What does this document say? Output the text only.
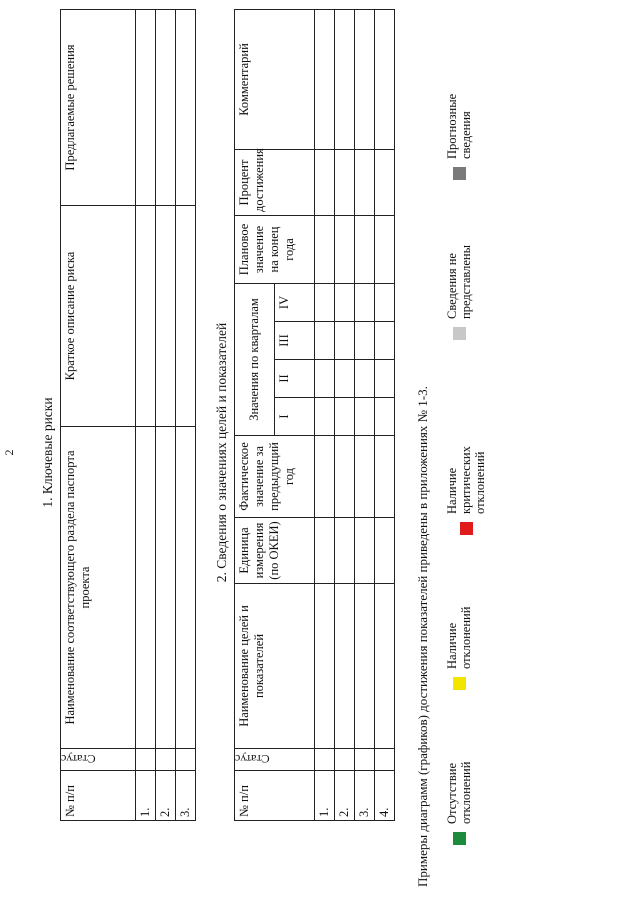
2 1. Ключевые риски
№ п/п	Статус	Наименование соответствующего раздела паспорта проекта	Краткое описание риска	Предлагаемые решения
1.				
2.				
3.				
2. Сведения о значениях целей и показателей
№ п/п	Статус	Наименование целей и показателей	Единица измерения (по ОКЕИ)	Фактическое значение за предыдущий год	Значения по кварталам				Плановое значение на конец года	Процент достижения	Комментарий
					I	II	III	IV			
1.											
2.											
3.											
4.											Примеры диаграмм (графиков) достижения показателей приведены в приложениях № 1-3. Отсутствие отклонений
Наличие отклонений
Наличие критических отклонений
Сведения не представлены
Прогнозные сведения
